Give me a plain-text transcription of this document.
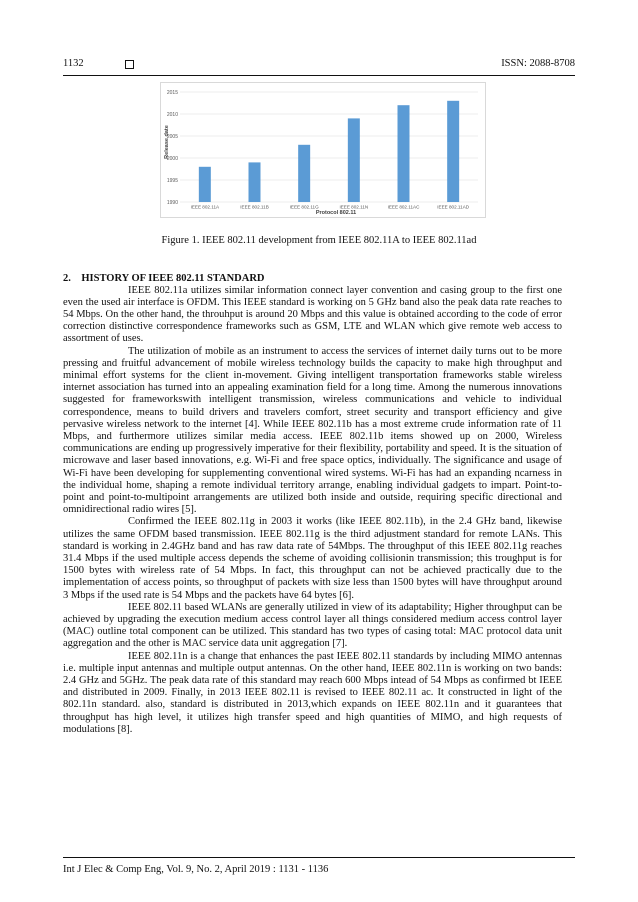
1132	ISSN: 2088-8708
1990
1995
2000
2005
2010
2015
IEEE 802.11A	IEEE 802.11B	IEEE 802.11G	IEEE 802.11N	IEEE 802.11AC	IEEE 802.11AD
Release date
Protocol 802.11
Figure 1. IEEE 802.11 development from IEEE 802.11A to IEEE 802.11ad
2.    HISTORY OF IEEE 802.11 STANDARD

IEEE 802.11a utilizes similar information connect layer convention and casing group to the first one even the used air interface is OFDM. This IEEE standard is working on 5 GHz band also the peak data rate reaches to 54 Mbps. On the other hand, the throuhput is around 20 Mbps and this value is obtained according to the code of error correction distinctive correspondence frameworks such as GSM, LTE and WLAN which give remote web access to assortment of uses.

The utilization of mobile as an instrument to access the services of internet daily turns out to be more pressing and fruitful advancement of mobile wireless technology builds the capacity to make high throughput and minimal effort systems for the client in-movement. Giving intelligent transportation frameworks stable wireless internet association has turned into an appealing examination field for a long time. Among the numerous innovations suggested for frameworkswith intelligent transmission, wireless communications and vehicle to individual correspondence, means to build drivers and travelers comfort, street security and transport efficiency and give pervasive wireless network to the internet [4]. While IEEE 802.11b has a most extreme crude information rate of 11 Mbps, and furthermore utilizes similar media access. IEEE 802.11b items showed up on 2000, Wireless communications are ending up progressively imperative for their flexibility, portability and speed. It is the situation of microwave and laser based innovations, e.g. Wi-Fi and free space optics, individually. The significance and usage of Wi-Fi have been developing for supplementing conventional wired systems. Wi-Fi has had an expanding ncarness in the individual home, shaping a remote individual territory arrange, enabling individual gadgets to impart. Point-to-point and point-to-multipoint arrangements are utilized both inside and outside, requiring specific directional and omnidirectional radio wires [5].

Confirmed the IEEE 802.11g in 2003 it works (like IEEE 802.11b), in the 2.4 GHz band, likewise utilizes the same OFDM based transmission. IEEE 802.11g is the third adjustment standard for remote LANs. This standard is working in 2.4GHz band and has raw data rate of 54Mbps. The throughput of this IEEE 802.11g reaches 31.4 Mbps if the used multiple access depends the scheme of avoiding collisionin transmission; this troughput is for 1500 bytes with wireless rate of 54 Mbps. In fact, this throughput can not be achieved practically due to the implementation of access points, so throughput of packets with size less than 1500 bytes will have throughput around 3 Mbps if the used rate is 54 Mbps and the packets have 64 bytes [6].

IEEE 802.11 based WLANs are generally utilized in view of its adaptability; Higher throughput can be achieved by upgrading the execution medium access control layer all things considered medium access control layer (MAC) outline total component can be utilized. This standard has two types of casing total: MAC protocol data unit aggregation and the other is MAC service data unit aggregation [7].

IEEE 802.11n is a change that enhances the past IEEE 802.11 standards by including MIMO antennas i.e. multiple input antennas and multiple output antennas. On the other hand, IEEE 802.11n is working on two bands: 2.4 GHz and 5GHz. The peak data rate of this standard may reach 600 Mbps intead of 54 Mbps as confirmed bt IEEE and distributed in 2009. Finally, in 2013 IEEE 802.11 is revised to IEEE 802.11 ac. It constructed in light of the 802.11n standard. also, standard is distributed in 2013,which expands on IEEE 802.11n and it guarantees that throughput has high level, it utilizes high transfer speed and high quantities of MIMO, and high requests of modulations [8].

Int J Elec & Comp Eng, Vol. 9, No. 2, April 2019 : 1131 - 1136
